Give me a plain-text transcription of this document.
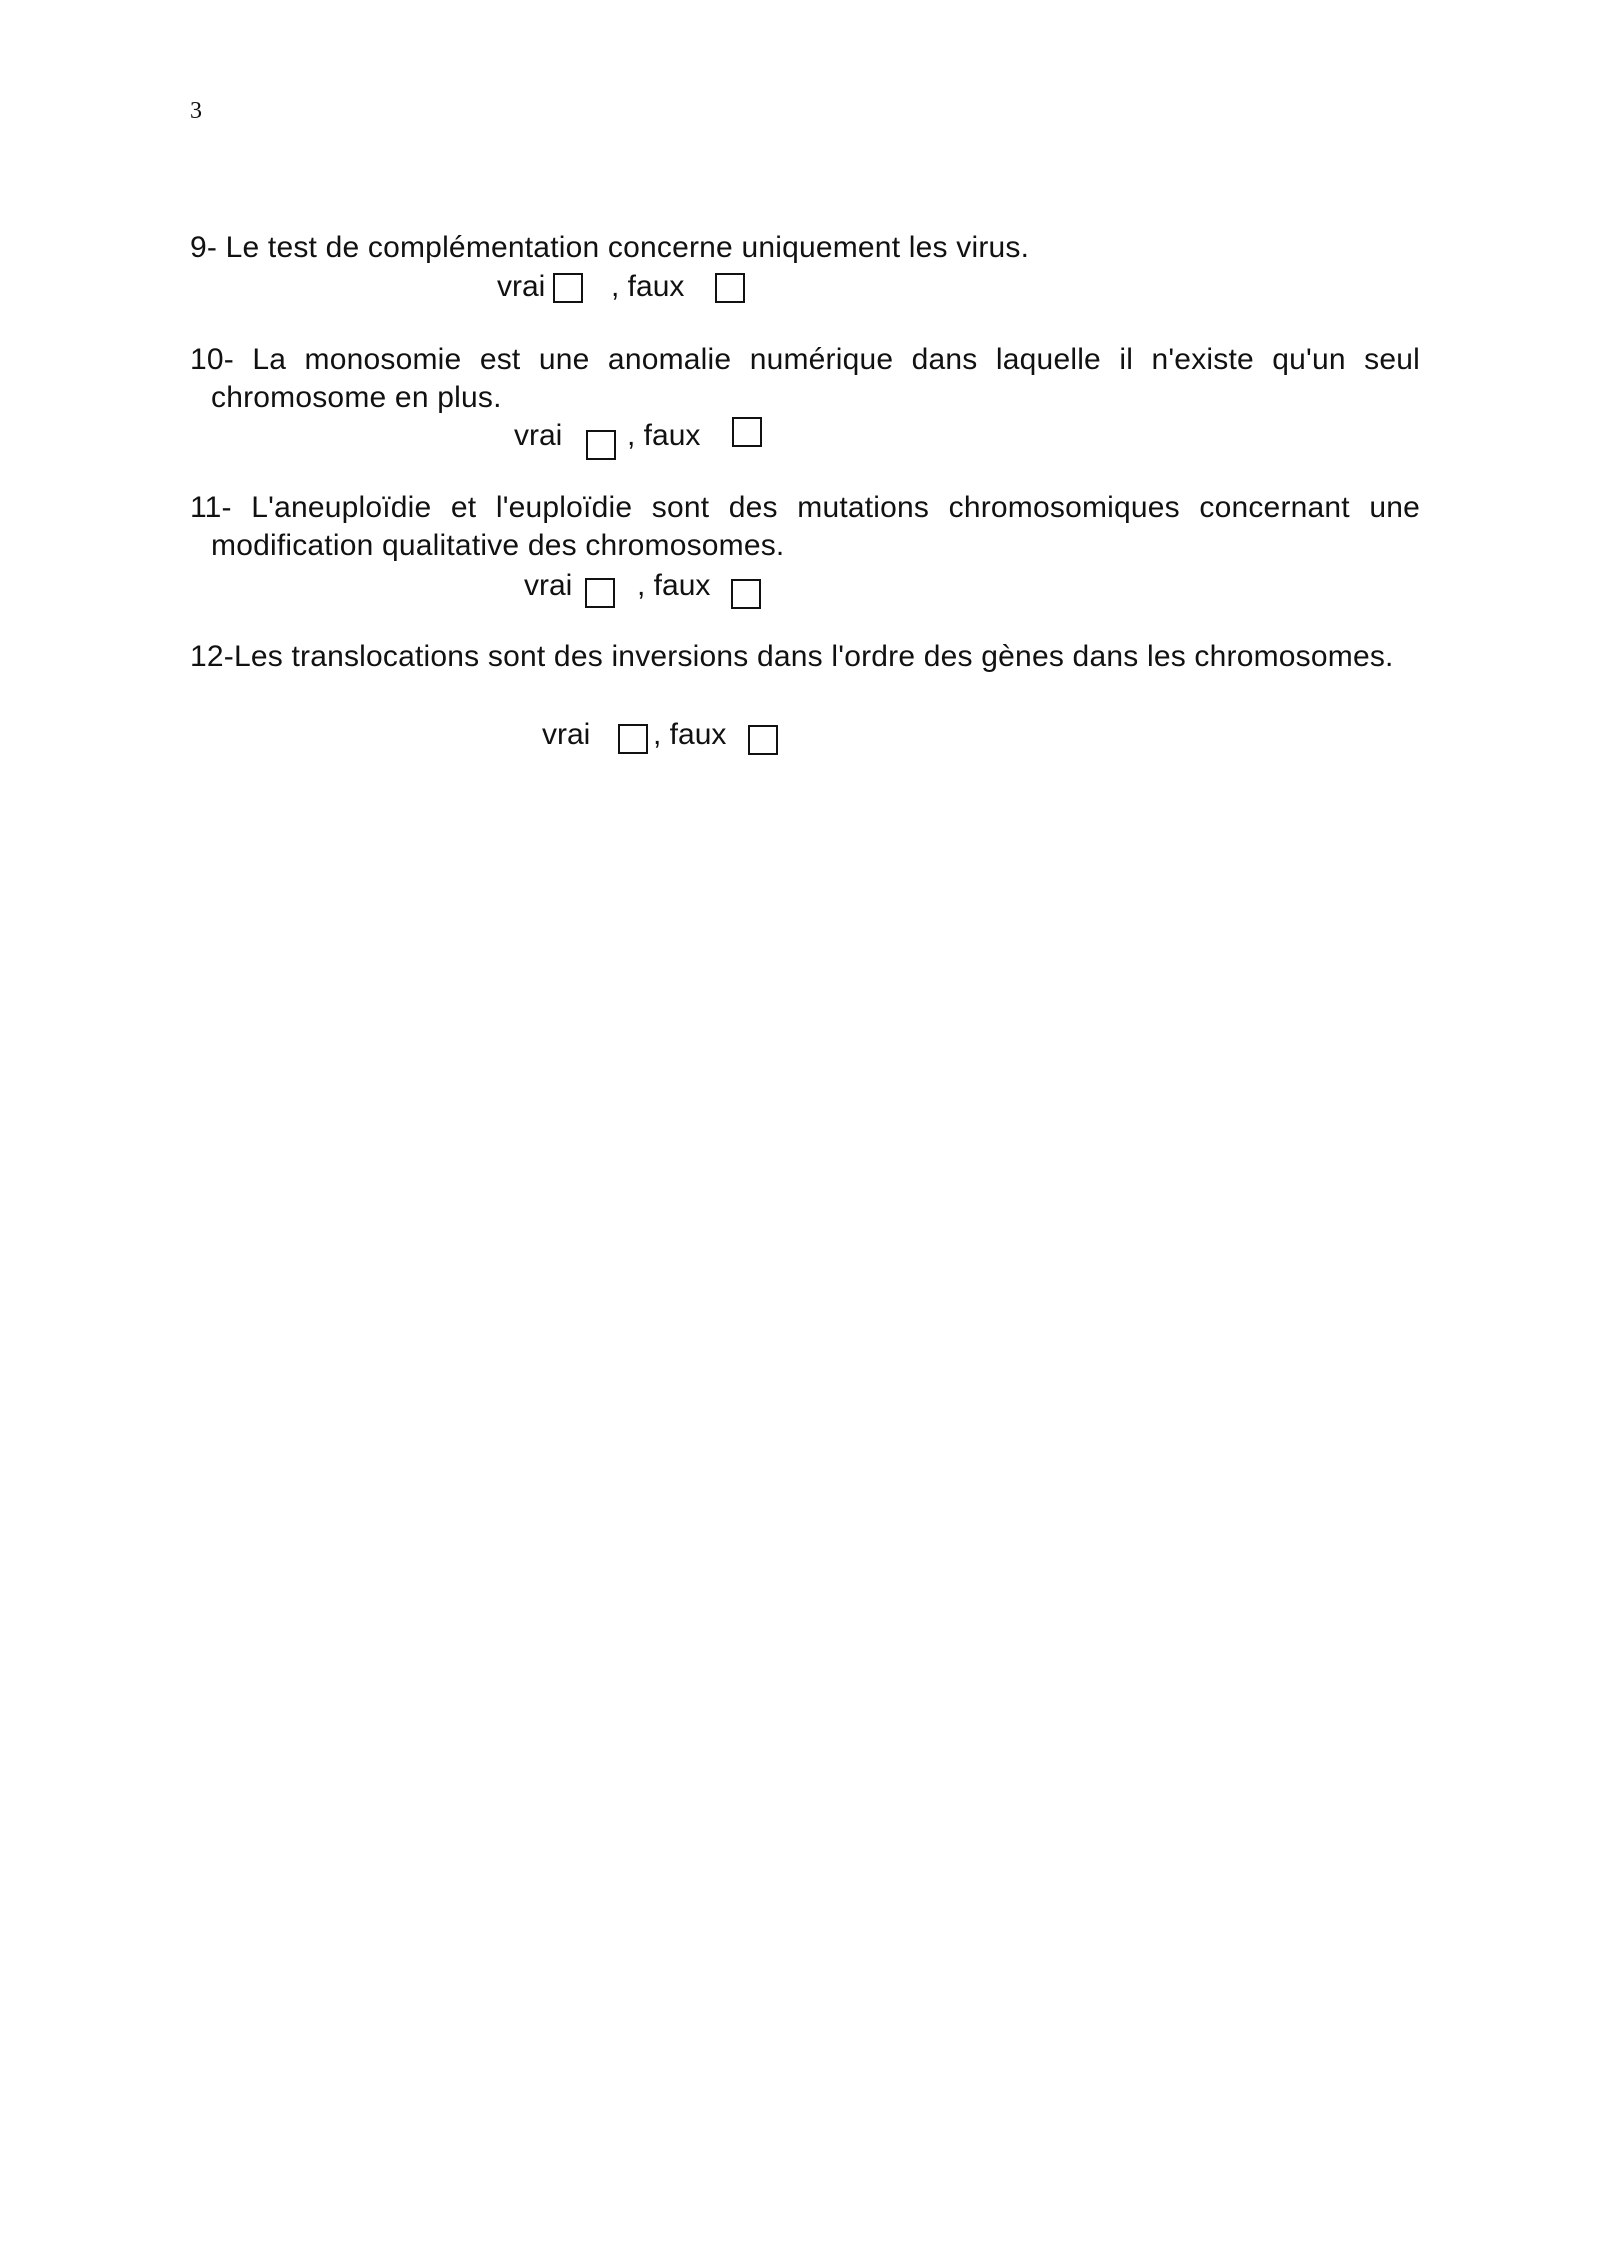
3
9- Le test de complémentation concerne uniquement les virus.
vrai , faux
10- La monosomie est une anomalie numérique dans laquelle il n'existe qu'un seul chromosome en plus.
vrai , faux
11- L'aneuploïdie et l'euploïdie sont des mutations chromosomiques concernant une modification qualitative des chromosomes.
vrai , faux
12-Les translocations sont des inversions dans l'ordre des gènes dans les chromosomes.
vrai , faux
